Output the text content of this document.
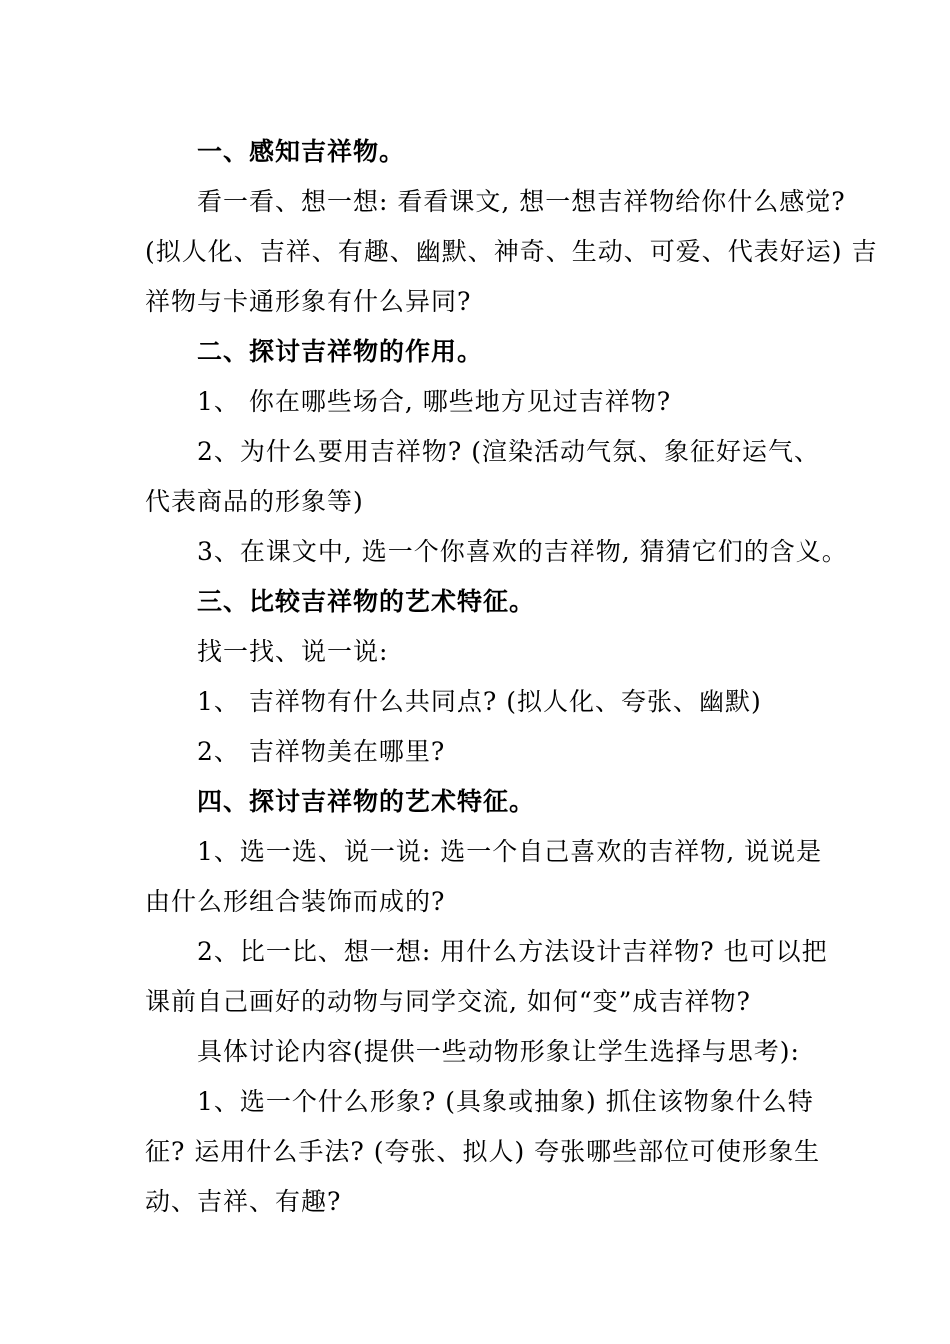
一、感知吉祥物。
看一看、想一想: 看看课文, 想一想吉祥物给你什么感觉?
(拟人化、吉祥、有趣、幽默、神奇、生动、可爱、代表好运) 吉
祥物与卡通形象有什么异同?
二、探讨吉祥物的作用。
1、 你在哪些场合, 哪些地方见过吉祥物?
2、为什么要用吉祥物? (渲染活动气氛、象征好运气、
代表商品的形象等)
3、在课文中, 选一个你喜欢的吉祥物, 猜猜它们的含义。
三、比较吉祥物的艺术特征。
找一找、说一说:
1、 吉祥物有什么共同点? (拟人化、夸张、幽默)
2、 吉祥物美在哪里?
四、探讨吉祥物的艺术特征。
1、选一选、说一说: 选一个自己喜欢的吉祥物, 说说是
由什么形组合装饰而成的?
2、比一比、想一想: 用什么方法设计吉祥物? 也可以把
课前自己画好的动物与同学交流, 如何“变”成吉祥物?
具体讨论内容(提供一些动物形象让学生选择与思考):
1、选一个什么形象? (具象或抽象) 抓住该物象什么特
征? 运用什么手法? (夸张、拟人) 夸张哪些部位可使形象生
动、吉祥、有趣?
